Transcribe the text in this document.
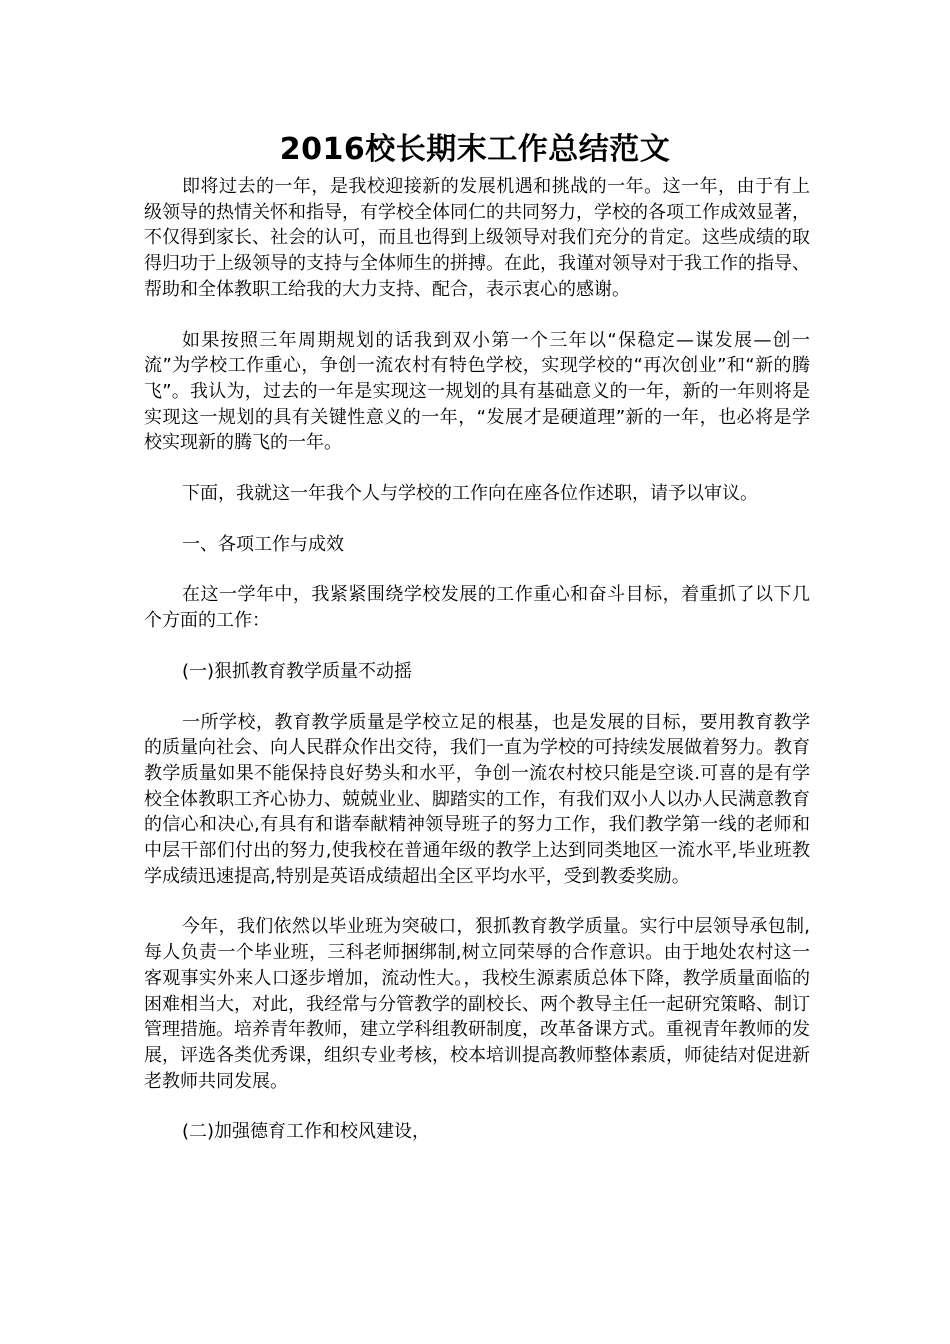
2016校长期末工作总结范文

即将过去的一年，是我校迎接新的发展机遇和挑战的一年。这一年，由于有上级领导的热情关怀和指导，有学校全体同仁的共同努力，学校的各项工作成效显著，不仅得到家长、社会的认可，而且也得到上级领导对我们充分的肯定。这些成绩的取得归功于上级领导的支持与全体师生的拼搏。在此，我谨对领导对于我工作的指导、帮助和全体教职工给我的大力支持、配合，表示衷心的感谢。

如果按照三年周期规划的话我到双小第一个三年以“保稳定—谋发展—创一流”为学校工作重心，争创一流农村有特色学校，实现学校的“再次创业”和“新的腾飞”。我认为，过去的一年是实现这一规划的具有基础意义的一年，新的一年则将是实现这一规划的具有关键性意义的一年，“发展才是硬道理”新的一年，也必将是学校实现新的腾飞的一年。

下面，我就这一年我个人与学校的工作向在座各位作述职，请予以审议。

一、各项工作与成效

在这一学年中，我紧紧围绕学校发展的工作重心和奋斗目标，着重抓了以下几个方面的工作：

(一)狠抓教育教学质量不动摇

一所学校，教育教学质量是学校立足的根基，也是发展的目标，要用教育教学的质量向社会、向人民群众作出交待，我们一直为学校的可持续发展做着努力。教育教学质量如果不能保持良好势头和水平，争创一流农村校只能是空谈.可喜的是有学校全体教职工齐心协力、兢兢业业、脚踏实的工作，有我们双小人以办人民满意教育的信心和决心,有具有和谐奉献精神领导班子的努力工作，我们教学第一线的老师和中层干部们付出的努力,使我校在普通年级的教学上达到同类地区一流水平,毕业班教学成绩迅速提高,特别是英语成绩超出全区平均水平，受到教委奖励。

今年，我们依然以毕业班为突破口，狠抓教育教学质量。实行中层领导承包制,每人负责一个毕业班，三科老师捆绑制,树立同荣辱的合作意识。由于地处农村这一客观事实外来人口逐步增加，流动性大。，我校生源素质总体下降，教学质量面临的困难相当大，对此，我经常与分管教学的副校长、两个教导主任一起研究策略、制订管理措施。培养青年教师，建立学科组教研制度，改革备课方式。重视青年教师的发展，评选各类优秀课，组织专业考核，校本培训提高教师整体素质，师徒结对促进新老教师共同发展。

(二)加强德育工作和校风建设，
